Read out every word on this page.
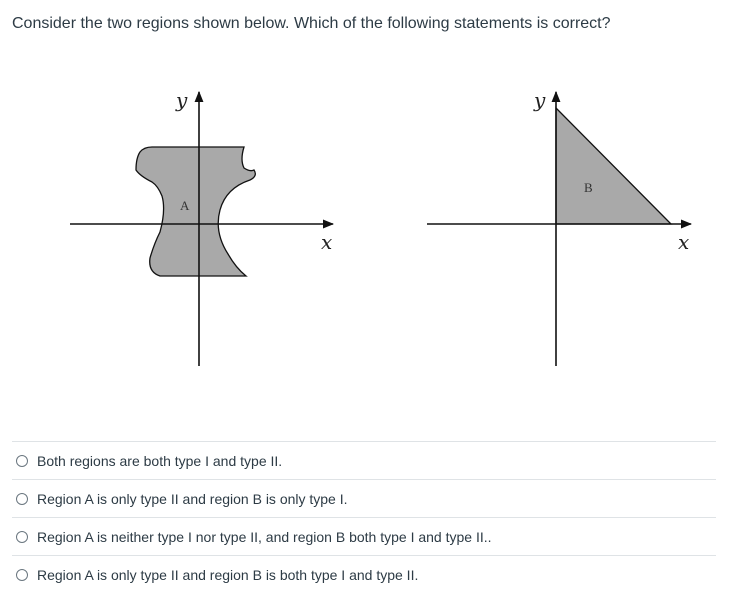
Consider the two regions shown below. Which of the following statements is correct?
y
x
A
y
x
B
Both regions are both type I and type II.
Region A is only type II and region B is only type I.
Region A is neither type I nor type II, and region B both type I and type II..
Region A is only type II and region B is both type I and type II.
